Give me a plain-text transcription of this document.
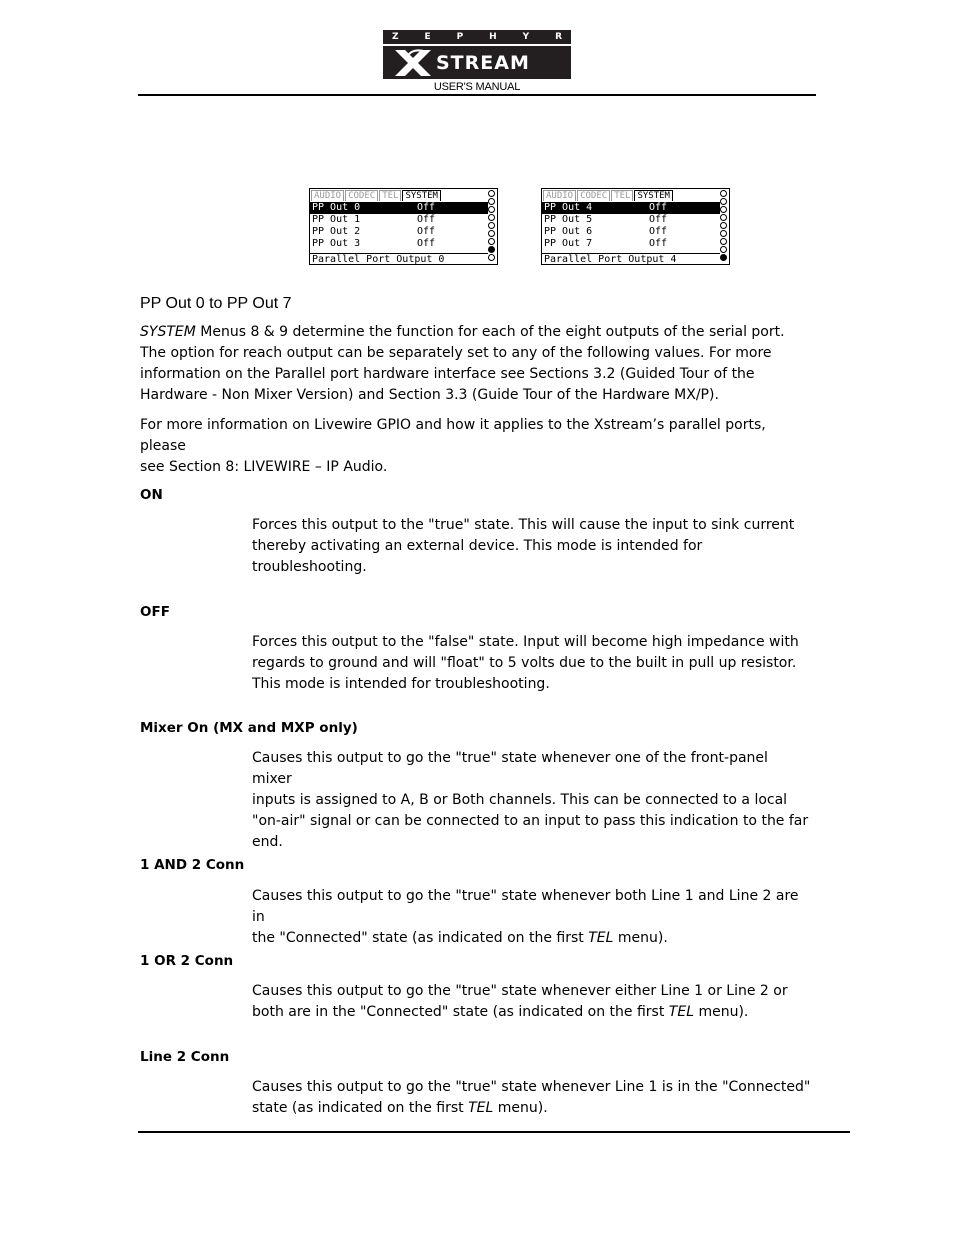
Z	E	P	H	Y	R
STREAM
USER'S MANUAL
AUDIO CODEC TEL SYSTEM
PP Out 0	Off
PP Out 1	Off
PP Out 2	Off
PP Out 3	Off
Parallel Port Output 0
AUDIO CODEC TEL SYSTEM
PP Out 4	Off
PP Out 5	Off
PP Out 6	Off
PP Out 7	Off
Parallel Port Output 4
PP Out 0 to PP Out 7
SYSTEM Menus 8 & 9 determine the function for each of the eight outputs of the serial port.
The option for reach output can be separately set to any of the following values. For more
information on the Parallel port hardware interface see Sections 3.2 (Guided Tour of the
Hardware - Non Mixer Version) and Section 3.3 (Guide Tour of the Hardware MX/P).
For more information on Livewire GPIO and how it applies to the Xstream’s parallel ports, please
see Section 8: LIVEWIRE – IP Audio.
ON
Forces this output to the "true" state. This will cause the input to sink current
thereby activating an external device. This mode is intended for
troubleshooting.
OFF
Forces this output to the "false" state. Input will become high impedance with
regards to ground and will "float" to 5 volts due to the built in pull up resistor.
This mode is intended for troubleshooting.
Mixer On (MX and MXP only)
Causes this output to go the "true" state whenever one of the front-panel mixer
inputs is assigned to A, B or Both channels. This can be connected to a local
"on-air" signal or can be connected to an input to pass this indication to the far
end.
1 AND 2 Conn
Causes this output to go the "true" state whenever both Line 1 and Line 2 are in
the "Connected" state (as indicated on the first TEL menu).
1 OR 2 Conn
Causes this output to go the "true" state whenever either Line 1 or Line 2 or
both are in the "Connected" state (as indicated on the first TEL menu).
Line 2 Conn
Causes this output to go the "true" state whenever Line 1 is in the "Connected"
state (as indicated on the first TEL menu).
